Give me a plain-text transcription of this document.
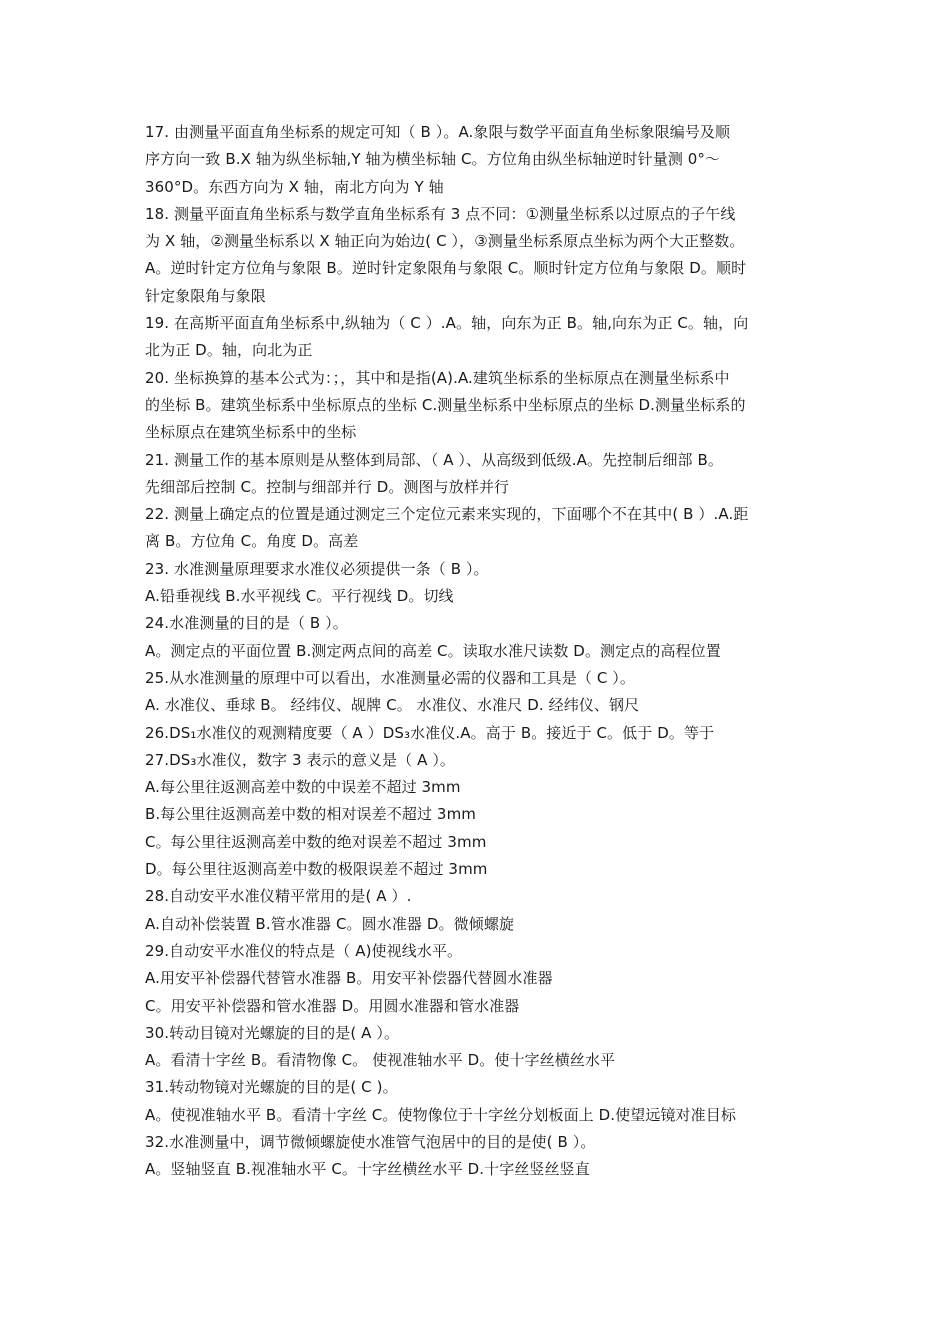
17. 由测量平面直角坐标系的规定可知（ B ）。A.象限与数学平面直角坐标象限编号及顺
序方向一致 B.X 轴为纵坐标轴,Y 轴为横坐标轴 C。方位角由纵坐标轴逆时针量测 0°～
360°D。东西方向为 X 轴，南北方向为 Y 轴
18. 测量平面直角坐标系与数学直角坐标系有 3 点不同：①测量坐标系以过原点的子午线
为 X 轴，②测量坐标系以 X 轴正向为始边( C ），③测量坐标系原点坐标为两个大正整数。
A。逆时针定方位角与象限 B。逆时针定象限角与象限 C。顺时针定方位角与象限 D。顺时
针定象限角与象限
19. 在高斯平面直角坐标系中,纵轴为（ C ）.A。轴，向东为正 B。轴,向东为正 C。轴，向
北为正 D。轴，向北为正
20. 坐标换算的基本公式为：；，其中和是指(A).A.建筑坐标系的坐标原点在测量坐标系中
的坐标 B。建筑坐标系中坐标原点的坐标 C.测量坐标系中坐标原点的坐标 D.测量坐标系的
坐标原点在建筑坐标系中的坐标
21. 测量工作的基本原则是从整体到局部、（ A ）、从高级到低级.A。先控制后细部 B。
先细部后控制 C。控制与细部并行 D。测图与放样并行
22. 测量上确定点的位置是通过测定三个定位元素来实现的，下面哪个不在其中( B ）.A.距
离 B。方位角 C。角度 D。高差
23. 水准测量原理要求水准仪必须提供一条（ B ）。
A.铅垂视线 B.水平视线 C。平行视线 D。切线
24.水准测量的目的是（ B ）。
A。测定点的平面位置 B.测定两点间的高差 C。读取水准尺读数 D。测定点的高程位置
25.从水准测量的原理中可以看出，水准测量必需的仪器和工具是（ C ）。
A. 水准仪、垂球 B。 经纬仪、觇牌 C。 水准仪、水准尺 D. 经纬仪、钢尺
26.DS₁水准仪的观测精度要（ A ）DS₃水准仪.A。高于 B。接近于 C。低于 D。等于
27.DS₃水准仪，数字 3 表示的意义是（ A ）。
A.每公里往返测高差中数的中误差不超过 3mm
B.每公里往返测高差中数的相对误差不超过 3mm
C。每公里往返测高差中数的绝对误差不超过 3mm
D。每公里往返测高差中数的极限误差不超过 3mm
28.自动安平水准仪精平常用的是( A ）.
A.自动补偿装置 B.管水准器 C。圆水准器 D。微倾螺旋
29.自动安平水准仪的特点是（ A)使视线水平。
A.用安平补偿器代替管水准器 B。用安平补偿器代替圆水准器
C。用安平补偿器和管水准器 D。用圆水准器和管水准器
30.转动目镜对光螺旋的目的是( A ）。
A。看清十字丝 B。看清物像 C。 使视准轴水平 D。使十字丝横丝水平
31.转动物镜对光螺旋的目的是( C )。
A。使视准轴水平 B。看清十字丝 C。使物像位于十字丝分划板面上 D.使望远镜对准目标
32.水准测量中，调节微倾螺旋使水准管气泡居中的目的是使( B ）。
A。竖轴竖直 B.视准轴水平 C。十字丝横丝水平 D.十字丝竖丝竖直
